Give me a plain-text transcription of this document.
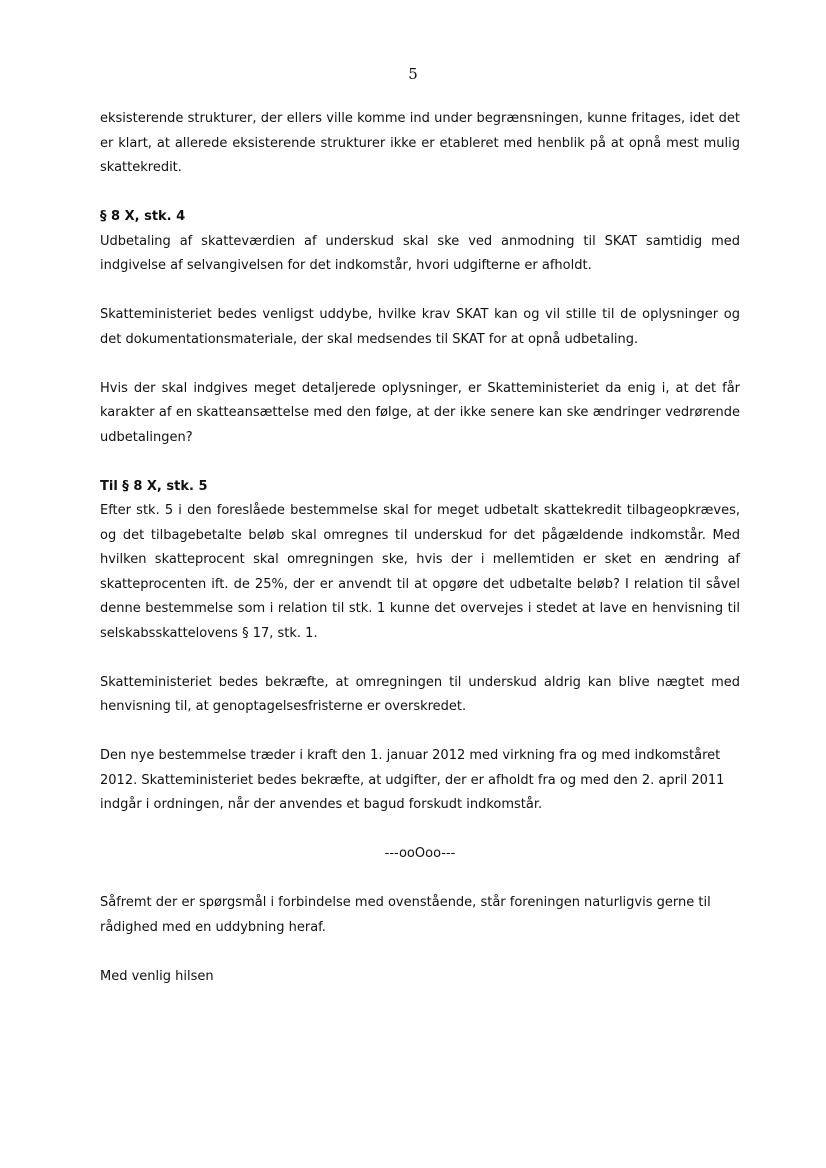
5

eksisterende strukturer, der ellers ville komme ind under begrænsningen, kunne fritages, idet det er klart, at allerede eksisterende strukturer ikke er etableret med henblik på at opnå mest mulig skattekredit.

§ 8 X, stk. 4

Udbetaling af skatteværdien af underskud skal ske ved anmodning til SKAT samtidig med indgivelse af selvangivelsen for det indkomstår, hvori udgifterne er afholdt.

Skatteministeriet bedes venligst uddybe, hvilke krav SKAT kan og vil stille til de oplysninger og det dokumentationsmateriale, der skal medsendes til SKAT for at opnå udbetaling.

Hvis der skal indgives meget detaljerede oplysninger, er Skatteministeriet da enig i, at det får karakter af en skatteansættelse med den følge, at der ikke senere kan ske ændringer vedrørende udbetalingen?

Til § 8 X, stk. 5

Efter stk. 5 i den foreslåede bestemmelse skal for meget udbetalt skattekredit tilbageopkræves, og det tilbagebetalte beløb skal omregnes til underskud for det pågældende indkomstår. Med hvilken skatteprocent skal omregningen ske, hvis der i mellemtiden er sket en ændring af skatteprocenten ift. de 25%, der er anvendt til at opgøre det udbetalte beløb? I relation til såvel denne bestemmelse som i relation til stk. 1 kunne det overvejes i stedet at lave en henvisning til selskabsskattelovens § 17, stk. 1.

Skatteministeriet bedes bekræfte, at omregningen til underskud aldrig kan blive nægtet med henvisning til, at genoptagelsesfristerne er overskredet.

Den nye bestemmelse træder i kraft den 1. januar 2012 med virkning fra og med indkomståret 2012. Skatteministeriet bedes bekræfte, at udgifter, der er afholdt fra og med den 2. april 2011 indgår i ordningen, når der anvendes et bagud forskudt indkomstår.

---ooOoo---

Såfremt der er spørgsmål i forbindelse med ovenstående, står foreningen naturligvis gerne til rådighed med en uddybning heraf.

Med venlig hilsen
